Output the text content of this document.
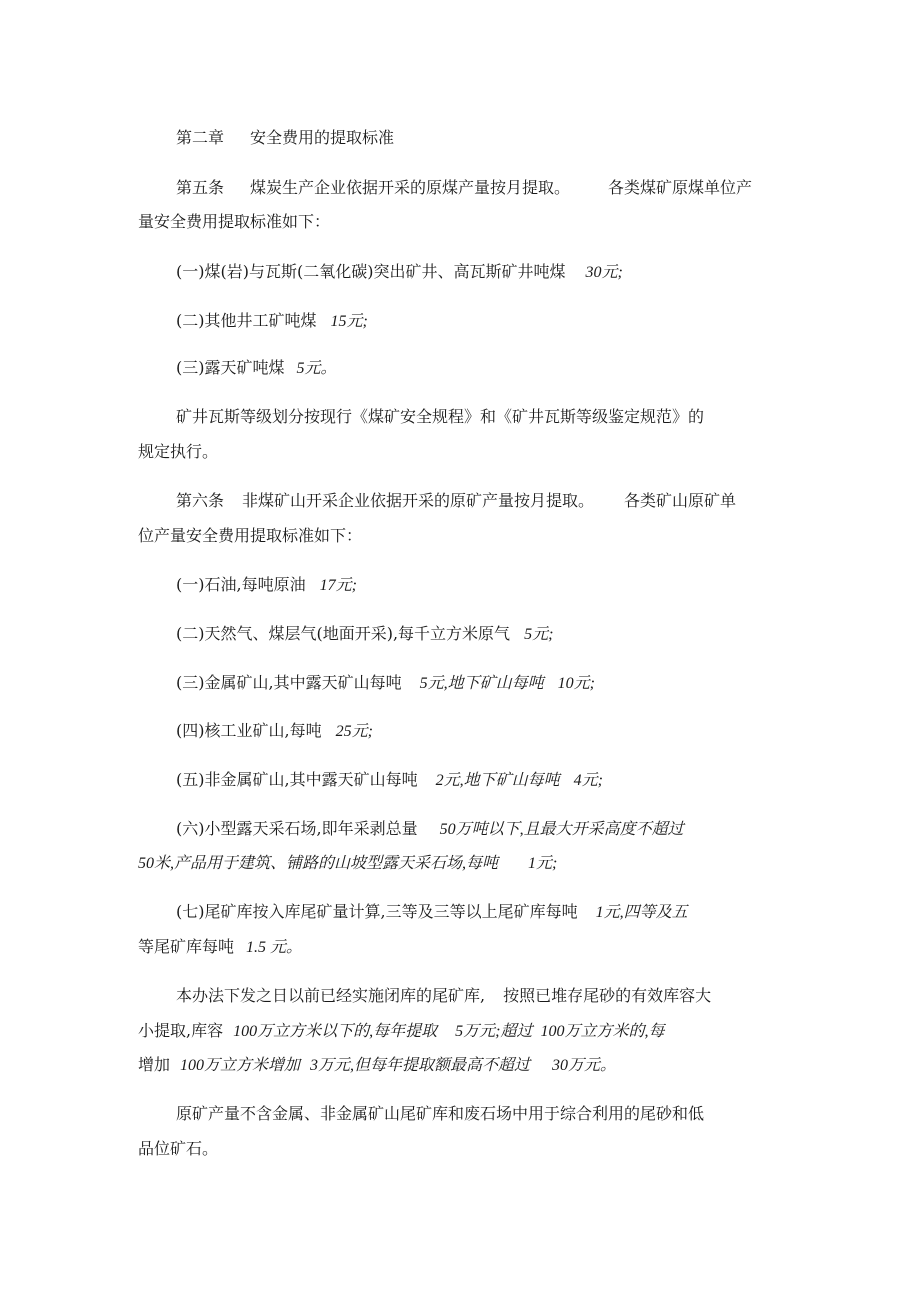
第二章 安全费用的提取标准
第五条 煤炭生产企业依据开采的原煤产量按月提取。 各类煤矿原煤单位产
量安全费用提取标准如下：
(一)煤(岩)与瓦斯(二氧化碳)突出矿井、高瓦斯矿井吨煤 30元;
(二)其他井工矿吨煤 15元;
(三)露天矿吨煤 5元。
矿井瓦斯等级划分按现行《煤矿安全规程》和《矿井瓦斯等级鉴定规范》的
规定执行。
第六条 非煤矿山开采企业依据开采的原矿产量按月提取。 各类矿山原矿单
位产量安全费用提取标准如下：
(一)石油,每吨原油 17元;
(二)天然气、煤层气(地面开采),每千立方米原气 5元;
(三)金属矿山,其中露天矿山每吨 5元,地下矿山每吨 10元;
(四)核工业矿山,每吨 25元;
(五)非金属矿山,其中露天矿山每吨 2元,地下矿山每吨 4元;
(六)小型露天采石场,即年采剥总量 50万吨以下,且最大开采高度不超过
50米,产品用于建筑、铺路的山坡型露天采石场,每吨 1元;
(七)尾矿库按入库尾矿量计算,三等及三等以上尾矿库每吨 1元,四等及五
等尾矿库每吨 1.5 元。
本办法下发之日以前已经实施闭库的尾矿库, 按照已堆存尾砂的有效库容大
小提取,库容 100万立方米以下的,每年提取 5万元;超过 100万立方米的,每
增加 100万立方米增加 3万元,但每年提取额最高不超过 30万元。
原矿产量不含金属、非金属矿山尾矿库和废石场中用于综合利用的尾砂和低
品位矿石。
